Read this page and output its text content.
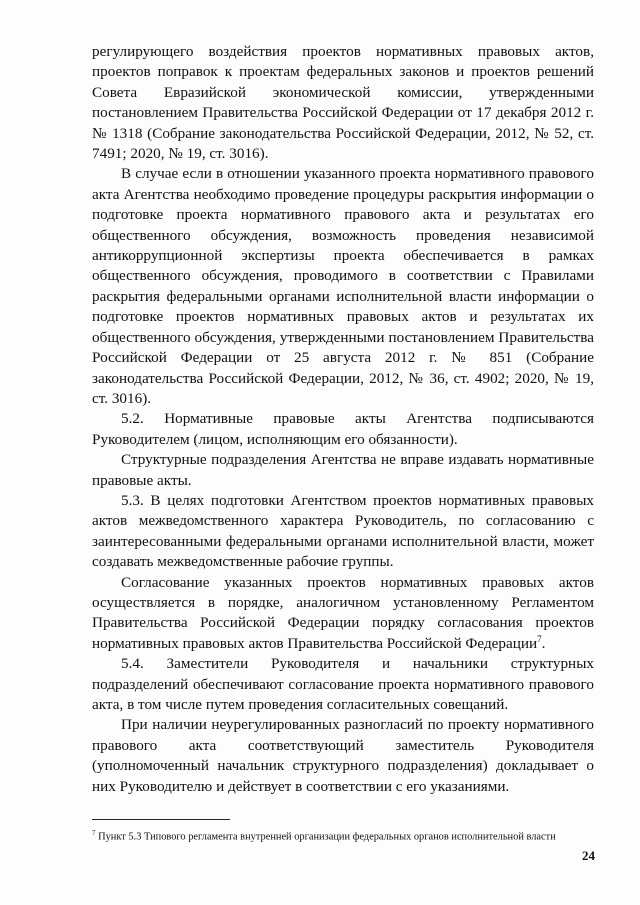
регулирующего воздействия проектов нормативных правовых актов, проектов поправок к проектам федеральных законов и проектов решений Совета Евразийской экономической комиссии, утвержденными постановлением Правительства Российской Федерации от 17 декабря 2012 г. № 1318 (Собрание законодательства Российской Федерации, 2012, № 52, ст. 7491; 2020, № 19, ст. 3016).

В случае если в отношении указанного проекта нормативного правового акта Агентства необходимо проведение процедуры раскрытия информации о подготовке проекта нормативного правового акта и результатах его общественного обсуждения, возможность проведения независимой антикоррупционной экспертизы проекта обеспечивается в рамках общественного обсуждения, проводимого в соответствии с Правилами раскрытия федеральными органами исполнительной власти информации о подготовке проектов нормативных правовых актов и результатах их общественного обсуждения, утвержденными постановлением Правительства Российской Федерации от 25 августа 2012 г. № 851 (Собрание законодательства Российской Федерации, 2012, № 36, ст. 4902; 2020, № 19, ст. 3016).

5.2. Нормативные правовые акты Агентства подписываются Руководителем (лицом, исполняющим его обязанности).

Структурные подразделения Агентства не вправе издавать нормативные правовые акты.

5.3. В целях подготовки Агентством проектов нормативных правовых актов межведомственного характера Руководитель, по согласованию с заинтересованными федеральными органами исполнительной власти, может создавать межведомственные рабочие группы.

Согласование указанных проектов нормативных правовых актов осуществляется в порядке, аналогичном установленному Регламентом Правительства Российской Федерации порядку согласования проектов нормативных правовых актов Правительства Российской Федерации$^7$.

5.4. Заместители Руководителя и начальники структурных подразделений обеспечивают согласование проекта нормативного правового акта, в том числе путем проведения согласительных совещаний.

При наличии неурегулированных разногласий по проекту нормативного правового акта соответствующий заместитель Руководителя (уполномоченный начальник структурного подразделения) докладывает о них Руководителю и действует в соответствии с его указаниями.

$^7$ Пункт 5.3 Типового регламента внутренней организации федеральных органов исполнительной власти
24
